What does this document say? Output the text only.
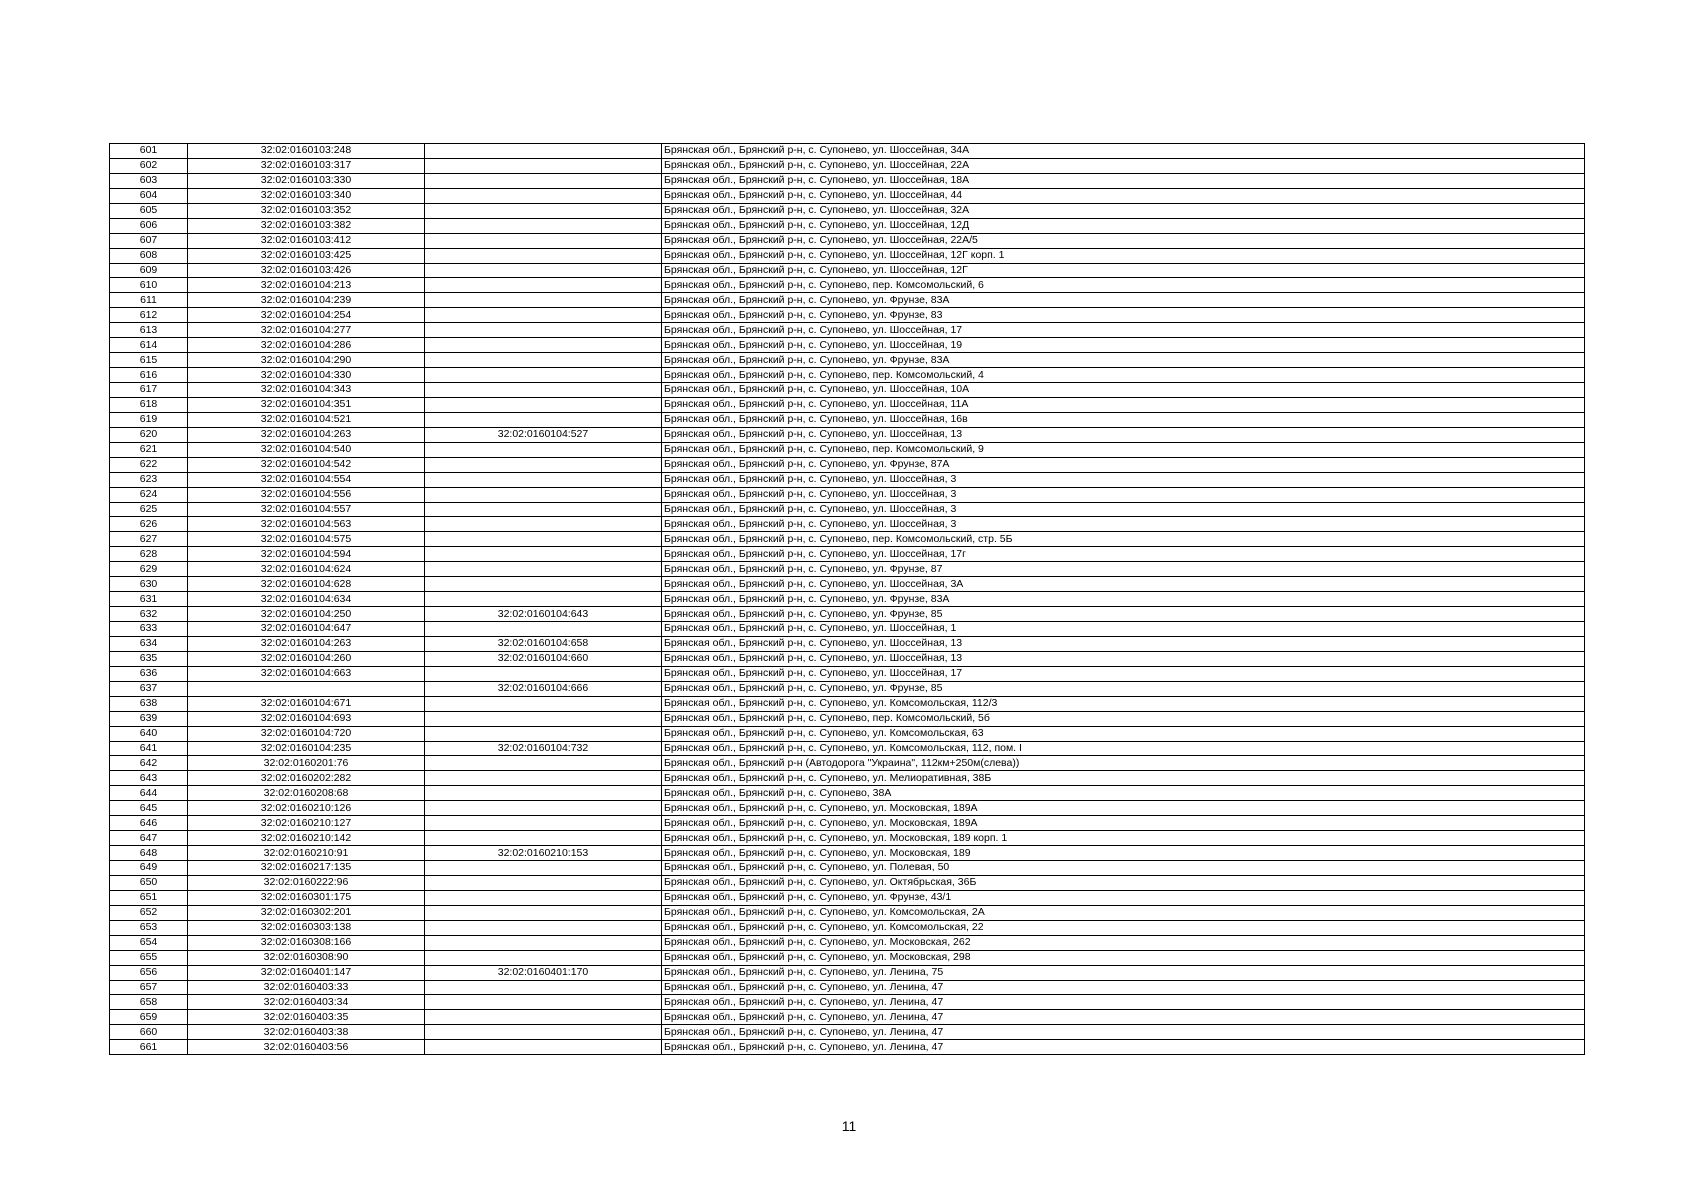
601	32:02:0160103:248		Брянская обл., Брянский р-н, с. Супонево, ул. Шоссейная, 34А
602	32:02:0160103:317		Брянская обл., Брянский р-н, с. Супонево, ул. Шоссейная, 22А
603	32:02:0160103:330		Брянская обл., Брянский р-н, с. Супонево, ул. Шоссейная, 18А
604	32:02:0160103:340		Брянская обл., Брянский р-н, с. Супонево, ул. Шоссейная, 44
605	32:02:0160103:352		Брянская обл., Брянский р-н, с. Супонево, ул. Шоссейная, 32А
606	32:02:0160103:382		Брянская обл., Брянский р-н, с. Супонево, ул. Шоссейная, 12Д
607	32:02:0160103:412		Брянская обл., Брянский р-н, с. Супонево, ул. Шоссейная, 22А/5
608	32:02:0160103:425		Брянская обл., Брянский р-н, с. Супонево, ул. Шоссейная, 12Г корп. 1
609	32:02:0160103:426		Брянская обл., Брянский р-н, с. Супонево, ул. Шоссейная, 12Г
610	32:02:0160104:213		Брянская обл., Брянский р-н, с. Супонево, пер. Комсомольский, 6
611	32:02:0160104:239		Брянская обл., Брянский р-н, с. Супонево, ул. Фрунзе, 83А
612	32:02:0160104:254		Брянская обл., Брянский р-н, с. Супонево, ул. Фрунзе, 83
613	32:02:0160104:277		Брянская обл., Брянский р-н, с. Супонево, ул. Шоссейная, 17
614	32:02:0160104:286		Брянская обл., Брянский р-н, с. Супонево, ул. Шоссейная, 19
615	32:02:0160104:290		Брянская обл., Брянский р-н, с. Супонево, ул. Фрунзе, 83А
616	32:02:0160104:330		Брянская обл., Брянский р-н, с. Супонево, пер. Комсомольский, 4
617	32:02:0160104:343		Брянская обл., Брянский р-н, с. Супонево, ул. Шоссейная, 10А
618	32:02:0160104:351		Брянская обл., Брянский р-н, с. Супонево, ул. Шоссейная, 11А
619	32:02:0160104:521		Брянская обл., Брянский р-н, с. Супонево, ул. Шоссейная, 16в
620	32:02:0160104:263	32:02:0160104:527	Брянская обл., Брянский р-н, с. Супонево, ул. Шоссейная, 13
621	32:02:0160104:540		Брянская обл., Брянский р-н, с. Супонево, пер. Комсомольский, 9
622	32:02:0160104:542		Брянская обл., Брянский р-н, с. Супонево, ул. Фрунзе, 87А
623	32:02:0160104:554		Брянская обл., Брянский р-н, с. Супонево, ул. Шоссейная, 3
624	32:02:0160104:556		Брянская обл., Брянский р-н, с. Супонево, ул. Шоссейная, 3
625	32:02:0160104:557		Брянская обл., Брянский р-н, с. Супонево, ул. Шоссейная, 3
626	32:02:0160104:563		Брянская обл., Брянский р-н, с. Супонево, ул. Шоссейная, 3
627	32:02:0160104:575		Брянская обл., Брянский р-н, с. Супонево, пер. Комсомольский, стр. 5Б
628	32:02:0160104:594		Брянская обл., Брянский р-н, с. Супонево, ул. Шоссейная, 17г
629	32:02:0160104:624		Брянская обл., Брянский р-н, с. Супонево, ул. Фрунзе, 87
630	32:02:0160104:628		Брянская обл., Брянский р-н, с. Супонево, ул. Шоссейная, 3А
631	32:02:0160104:634		Брянская обл., Брянский р-н, с. Супонево, ул. Фрунзе, 83А
632	32:02:0160104:250	32:02:0160104:643	Брянская обл., Брянский р-н, с. Супонево, ул. Фрунзе, 85
633	32:02:0160104:647		Брянская обл., Брянский р-н, с. Супонево, ул. Шоссейная, 1
634	32:02:0160104:263	32:02:0160104:658	Брянская обл., Брянский р-н, с. Супонево, ул. Шоссейная, 13
635	32:02:0160104:260	32:02:0160104:660	Брянская обл., Брянский р-н, с. Супонево, ул. Шоссейная, 13
636	32:02:0160104:663		Брянская обл., Брянский р-н, с. Супонево, ул. Шоссейная, 17
637		32:02:0160104:666	Брянская обл., Брянский р-н, с. Супонево, ул. Фрунзе, 85
638	32:02:0160104:671		Брянская обл., Брянский р-н, с. Супонево, ул. Комсомольская, 112/3
639	32:02:0160104:693		Брянская обл., Брянский р-н, с. Супонево, пер. Комсомольский, 5б
640	32:02:0160104:720		Брянская обл., Брянский р-н, с. Супонево, ул. Комсомольская, 63
641	32:02:0160104:235	32:02:0160104:732	Брянская обл., Брянский р-н, с. Супонево, ул. Комсомольская, 112, пом. I
642	32:02:0160201:76		Брянская обл., Брянский р-н (Автодорога "Украина", 112км+250м(слева))
643	32:02:0160202:282		Брянская обл., Брянский р-н, с. Супонево, ул. Мелиоративная, 38Б
644	32:02:0160208:68		Брянская обл., Брянский р-н, с. Супонево, 38А
645	32:02:0160210:126		Брянская обл., Брянский р-н, с. Супонево, ул. Московская, 189А
646	32:02:0160210:127		Брянская обл., Брянский р-н, с. Супонево, ул. Московская, 189А
647	32:02:0160210:142		Брянская обл., Брянский р-н, с. Супонево, ул. Московская, 189 корп. 1
648	32:02:0160210:91	32:02:0160210:153	Брянская обл., Брянский р-н, с. Супонево, ул. Московская, 189
649	32:02:0160217:135		Брянская обл., Брянский р-н, с. Супонево, ул. Полевая, 50
650	32:02:0160222:96		Брянская обл., Брянский р-н, с. Супонево, ул. Октябрьская, 36Б
651	32:02:0160301:175		Брянская обл., Брянский р-н, с. Супонево, ул. Фрунзе, 43/1
652	32:02:0160302:201		Брянская обл., Брянский р-н, с. Супонево, ул. Комсомольская, 2А
653	32:02:0160303:138		Брянская обл., Брянский р-н, с. Супонево, ул. Комсомольская, 22
654	32:02:0160308:166		Брянская обл., Брянский р-н, с. Супонево, ул. Московская, 262
655	32:02:0160308:90		Брянская обл., Брянский р-н, с. Супонево, ул. Московская, 298
656	32:02:0160401:147	32:02:0160401:170	Брянская обл., Брянский р-н, с. Супонево, ул. Ленина, 75
657	32:02:0160403:33		Брянская обл., Брянский р-н, с. Супонево, ул. Ленина, 47
658	32:02:0160403:34		Брянская обл., Брянский р-н, с. Супонево, ул. Ленина, 47
659	32:02:0160403:35		Брянская обл., Брянский р-н, с. Супонево, ул. Ленина, 47
660	32:02:0160403:38		Брянская обл., Брянский р-н, с. Супонево, ул. Ленина, 47
661	32:02:0160403:56		Брянская обл., Брянский р-н, с. Супонево, ул. Ленина, 47
11
